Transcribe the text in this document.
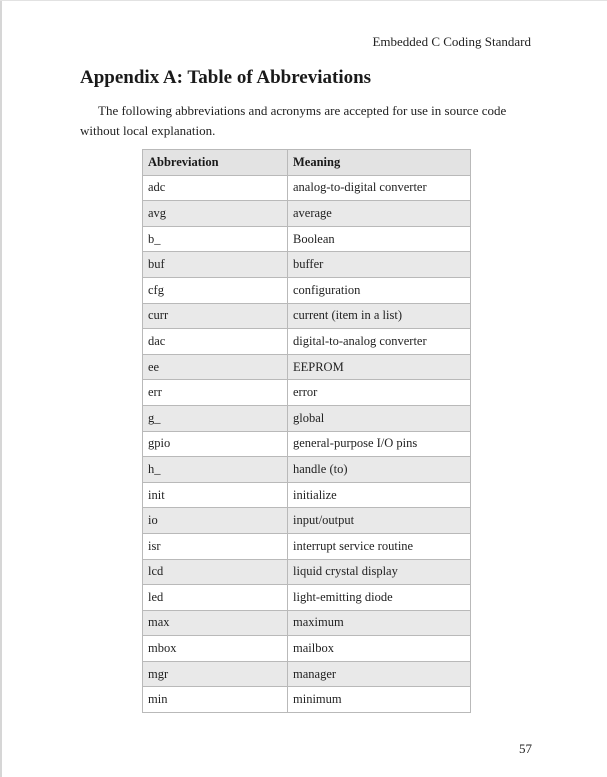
Embedded C Coding Standard
Appendix A: Table of Abbreviations

The following abbreviations and acronyms are accepted for use in source code without local explanation.

Abbreviation	Meaning
adc	analog-to-digital converter
avg	average
b_	Boolean
buf	buffer
cfg	configuration
curr	current (item in a list)
dac	digital-to-analog converter
ee	EEPROM
err	error
g_	global
gpio	general-purpose I/O pins
h_	handle (to)
init	initialize
io	input/output
isr	interrupt service routine
lcd	liquid crystal display
led	light-emitting diode
max	maximum
mbox	mailbox
mgr	manager
min	minimum
57
